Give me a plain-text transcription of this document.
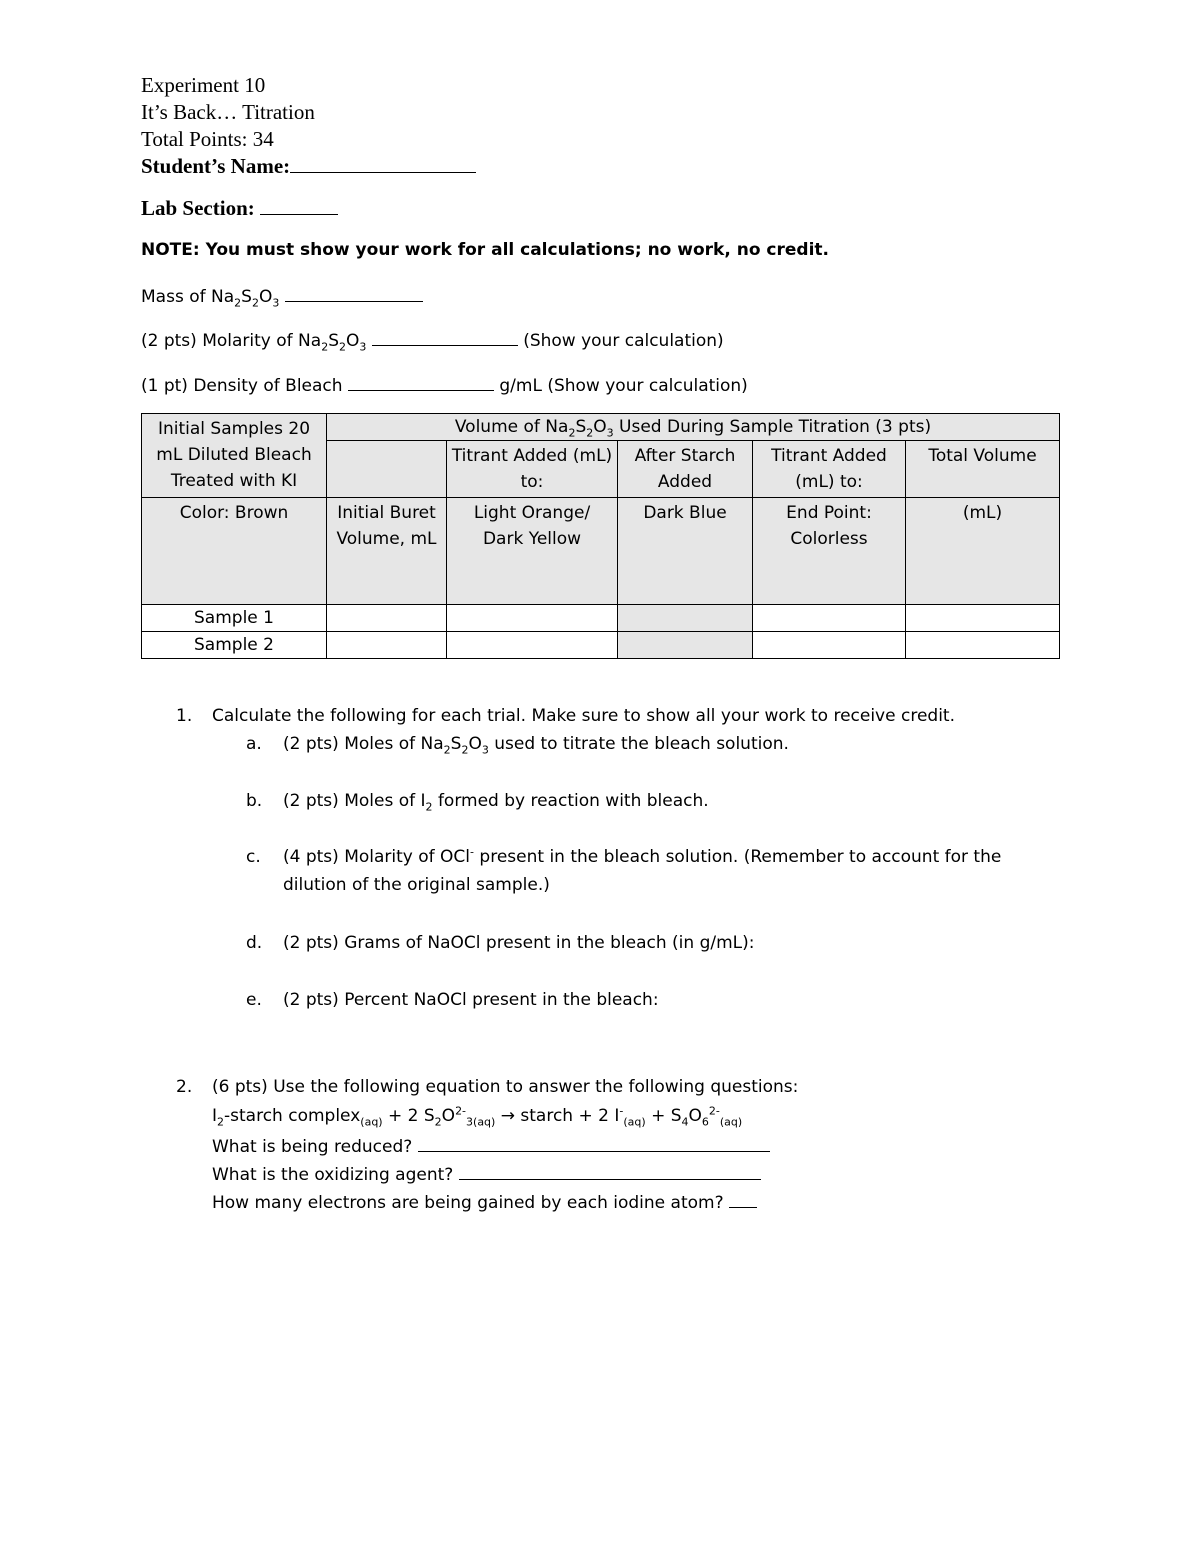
Experiment 10
It’s Back… Titration
Total Points: 34
Student’s Name:
Lab Section:
NOTE: You must show your work for all calculations; no work, no credit.
Mass of $Na_2S_2O_3$
(2 pts) Molarity of $Na_2S_2O_3$	(Show your calculation)
(1 pt) Density of Bleach	g/mL (Show your calculation)
Initial Samples 20 mL Diluted Bleach Treated with KI	Volume of $Na_2S_2O_3$ Used During Sample Titration (3 pts)				
		Titrant Added (mL) to:	After Starch Added	Titrant Added (mL) to:	Total Volume
Color: Brown	Initial Buret Volume, mL	Light Orange/ Dark Yellow	Dark Blue	End Point: Colorless	(mL)
Sample 1					
Sample 2					
1. Calculate the following for each trial. Make sure to show all your work to receive credit.
a. (2 pts) Moles of $Na_2S_2O_3$ used to titrate the bleach solution.
b. (2 pts) Moles of $I_2$ formed by reaction with bleach.
c. (4 pts) Molarity of OCl- present in the bleach solution. (Remember to account for the dilution of the original sample.)
d. (2 pts) Grams of NaOCl present in the bleach (in g/mL):
e. (2 pts) Percent NaOCl present in the bleach:
2. (6 pts) Use the following equation to answer the following questions:
$I_2$-starch complex$_{(aq)}$ + 2 $S_2O^{2-}_{3(aq)}$ → starch + 2 $I^-_{(aq)} + S_4O_6^{2-}_{(aq)}$
What is being reduced?
What is the oxidizing agent?
How many electrons are being gained by each iodine atom?
